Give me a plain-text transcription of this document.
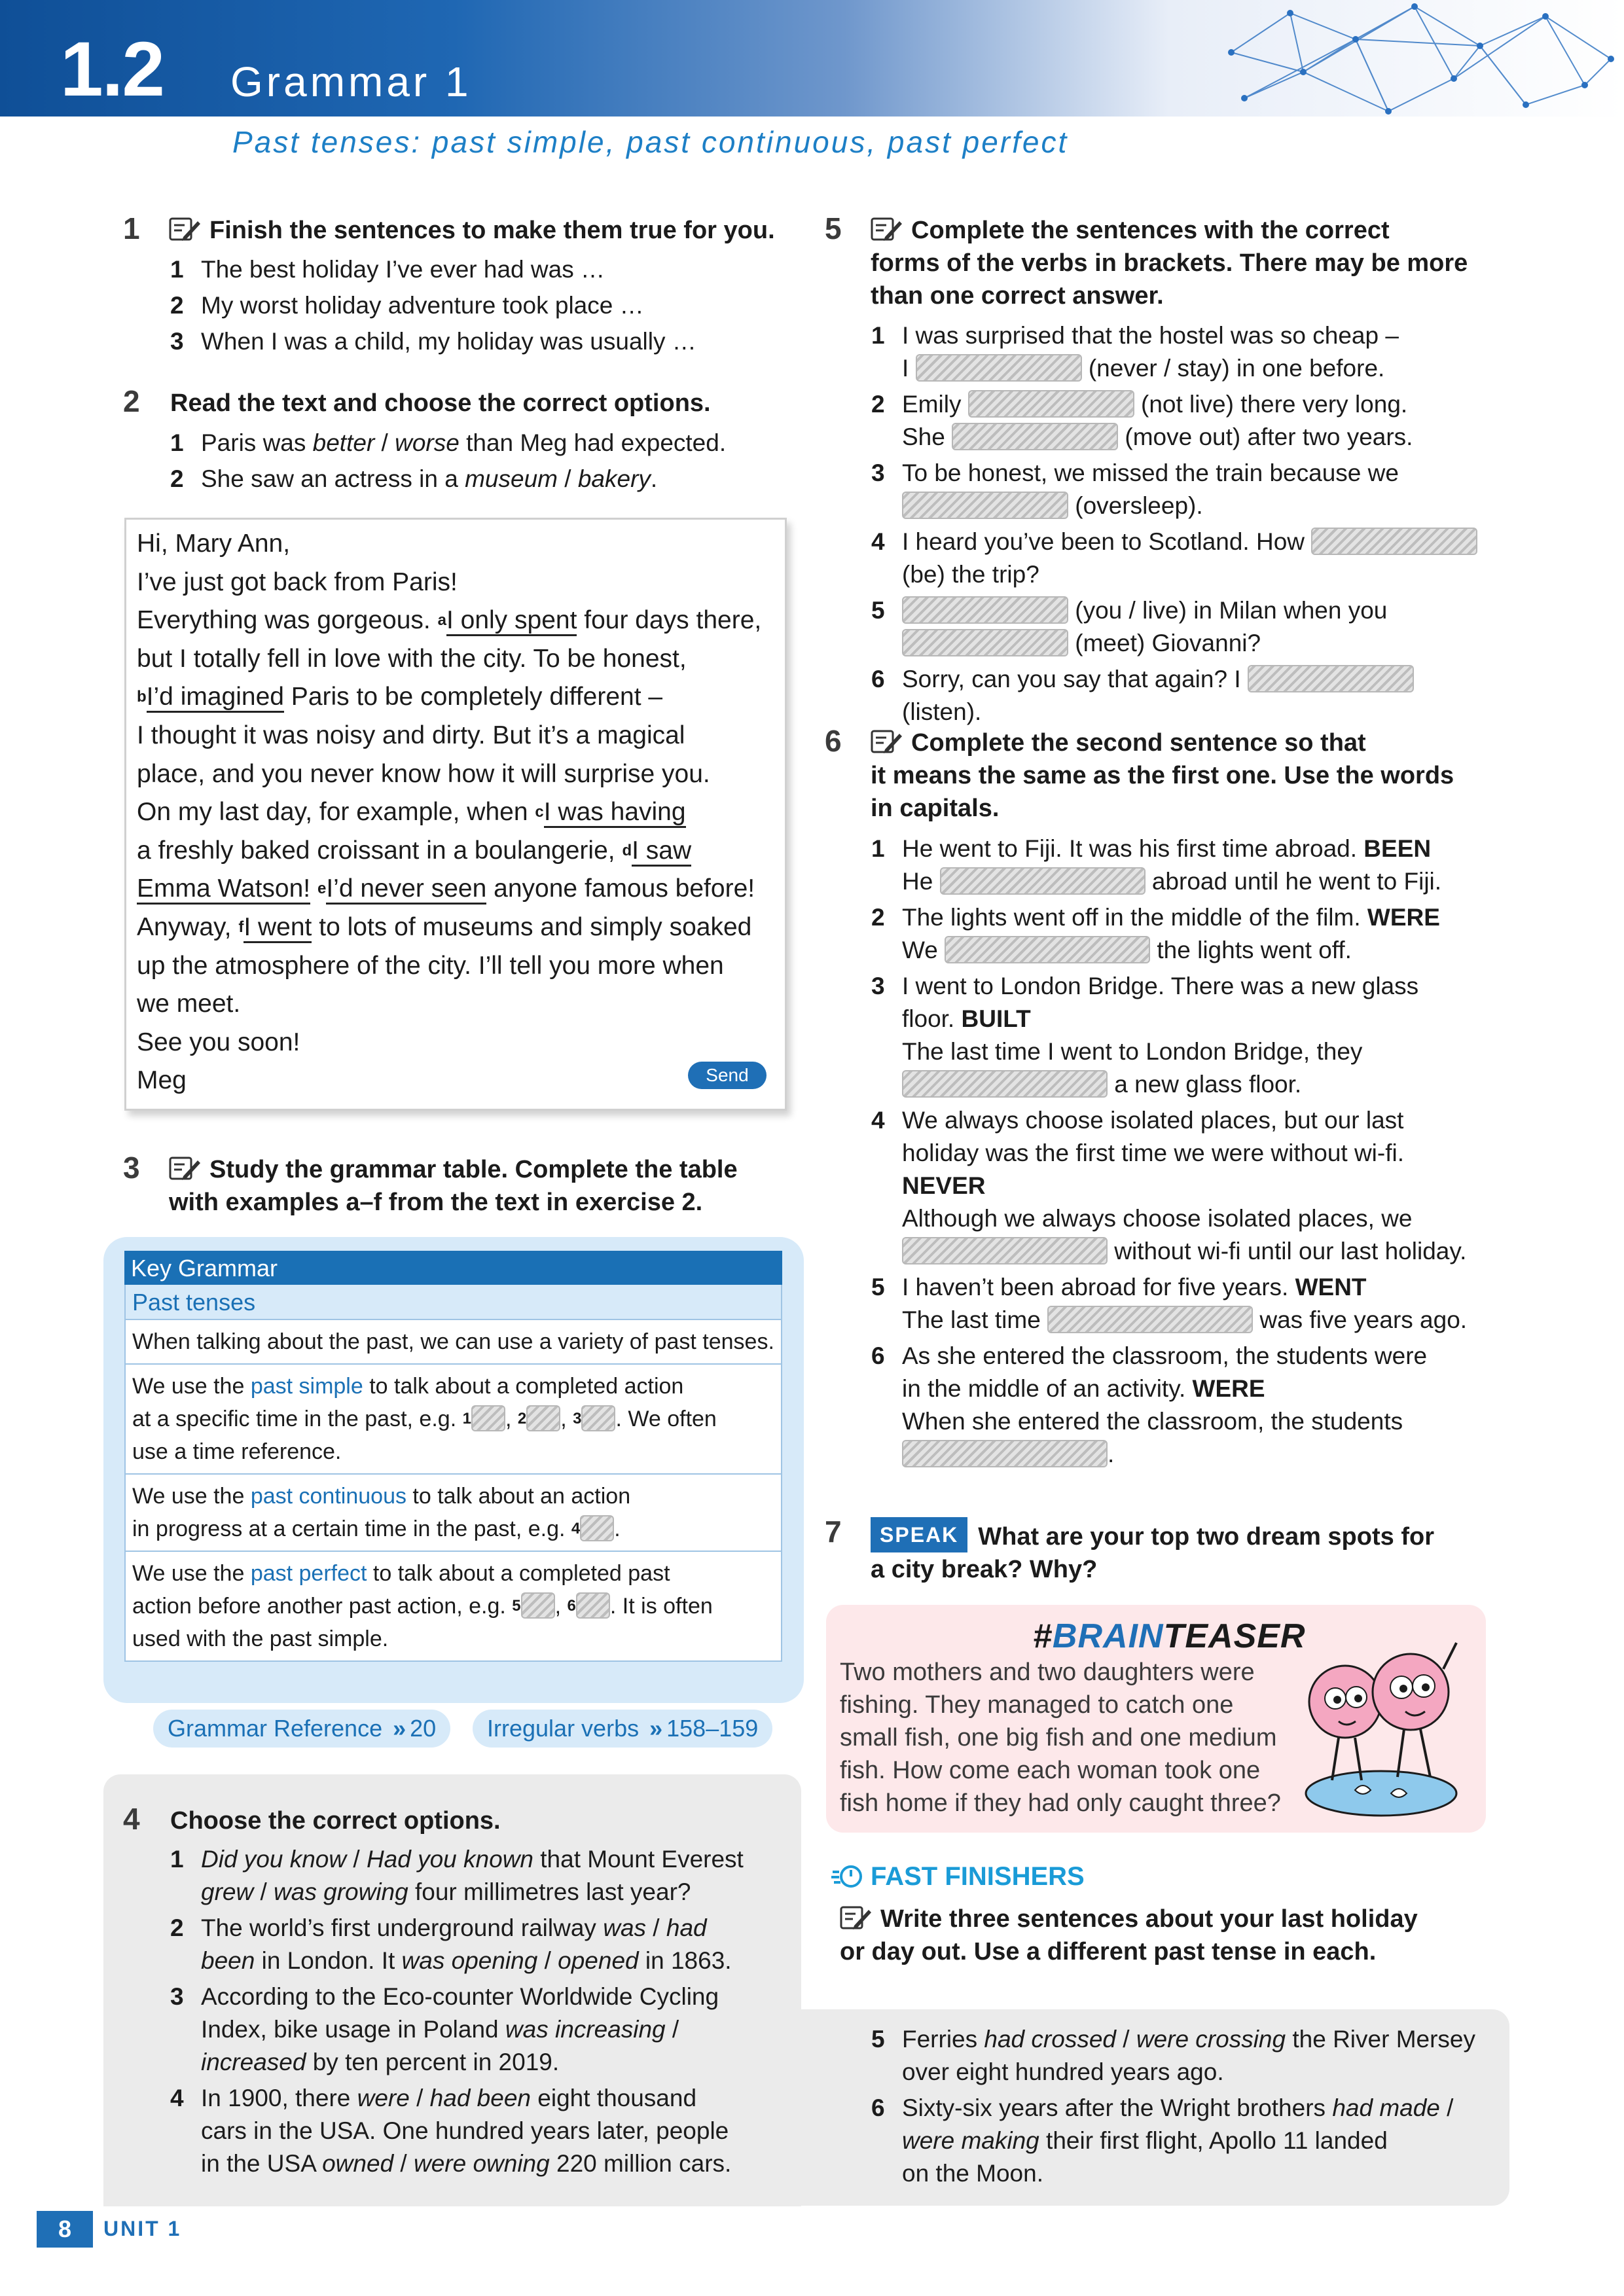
1.2 Grammar 1
Past tenses: past simple, past continuous, past perfect
1	Finish the sentences to make them true for you.
1 The best holiday I’ve ever had was …
2 My worst holiday adventure took place …
3 When I was a child, my holiday was usually …
2 Read the text and choose the correct options.
1 Paris was better / worse than Meg had expected.
2 She saw an actress in a museum / bakery.
Hi, Mary Ann,
I’ve just got back from Paris!
Everything was gorgeous. $^a$I only spent four days there,
but I totally fell in love with the city. To be honest,
$^b$I’d imagined Paris to be completely different –
I thought it was noisy and dirty. But it’s a magical
place, and you never know how it will surprise you.
On my last day, for example, when $^c$I was having
a freshly baked croissant in a boulangerie, $^d$I saw
Emma Watson! $^e$I’d never seen anyone famous before!
Anyway, $^f$I went to lots of museums and simply soaked
up the atmosphere of the city. I’ll tell you more when
we meet.
See you soon!
Meg	Send
3	Study the grammar table. Complete the table
with examples a–f from the text in exercise 2.
Key Grammar
Past tenses
When talking about the past, we can use a variety of past tenses.
We use the past simple to talk about a completed action
at a specific time in the past, e.g. $^1$ , $^2$ , $^3$ . We often
use a time reference.
We use the past continuous to talk about an action
in progress at a certain time in the past, e.g. $^4$ .
We use the past perfect to talk about a completed past
action before another past action, e.g. $^5$ , $^6$ . It is often
used with the past simple.
Grammar Reference » 20	Irregular verbs » 158–159
4 Choose the correct options.
1 Did you know / Had you known that Mount Everest
grew / was growing four millimetres last year?
2 The world’s first underground railway was / had
been in London. It was opening / opened in 1863.
3 According to the Eco-counter Worldwide Cycling
Index, bike usage in Poland was increasing /
increased by ten percent in 2019.
4 In 1900, there were / had been eight thousand
cars in the USA. One hundred years later, people
in the USA owned / were owning 220 million cars.
5 Ferries had crossed / were crossing the River Mersey
over eight hundred years ago.
6 Sixty-six years after the Wright brothers had made /
were making their first flight, Apollo 11 landed
on the Moon.
5	Complete the sentences with the correct
forms of the verbs in brackets. There may be more
than one correct answer.
1 I was surprised that the hostel was so cheap –
I	(never / stay) in one before.
2 Emily	(not live) there very long.
She	(move out) after two years.
3 To be honest, we missed the train because we
(oversleep).
4 I heard you’ve been to Scotland. How
(be) the trip?
5	(you / live) in Milan when you
(meet) Giovanni?
6 Sorry, can you say that again? I  (listen).
6	Complete the second sentence so that
it means the same as the first one. Use the words
in capitals.
1 He went to Fiji. It was his first time abroad. BEEN
He	abroad until he went to Fiji.
2 The lights went off in the middle of the film. WERE
We	the lights went off.
3 I went to London Bridge. There was a new glass
floor. BUILT
The last time I went to London Bridge, they
a new glass floor.
4 We always choose isolated places, but our last
holiday was the first time we were without wi-fi.
NEVER
Although we always choose isolated places, we
without wi-fi until our last holiday.
5 I haven’t been abroad for five years. WENT
The last time	was five years ago.
6 As she entered the classroom, the students were
in the middle of an activity. WERE
When she entered the classroom, the students
.
7	SPEAK What are your top two dream spots for
a city break? Why?
#BRAINTEASER
Two mothers and two daughters were
fishing. They managed to catch one
small fish, one big fish and one medium
fish. How come each woman took one
fish home if they had only caught three?
FAST FINISHERS
Write three sentences about your last holiday
or day out. Use a different past tense in each.
8	UNIT 1
